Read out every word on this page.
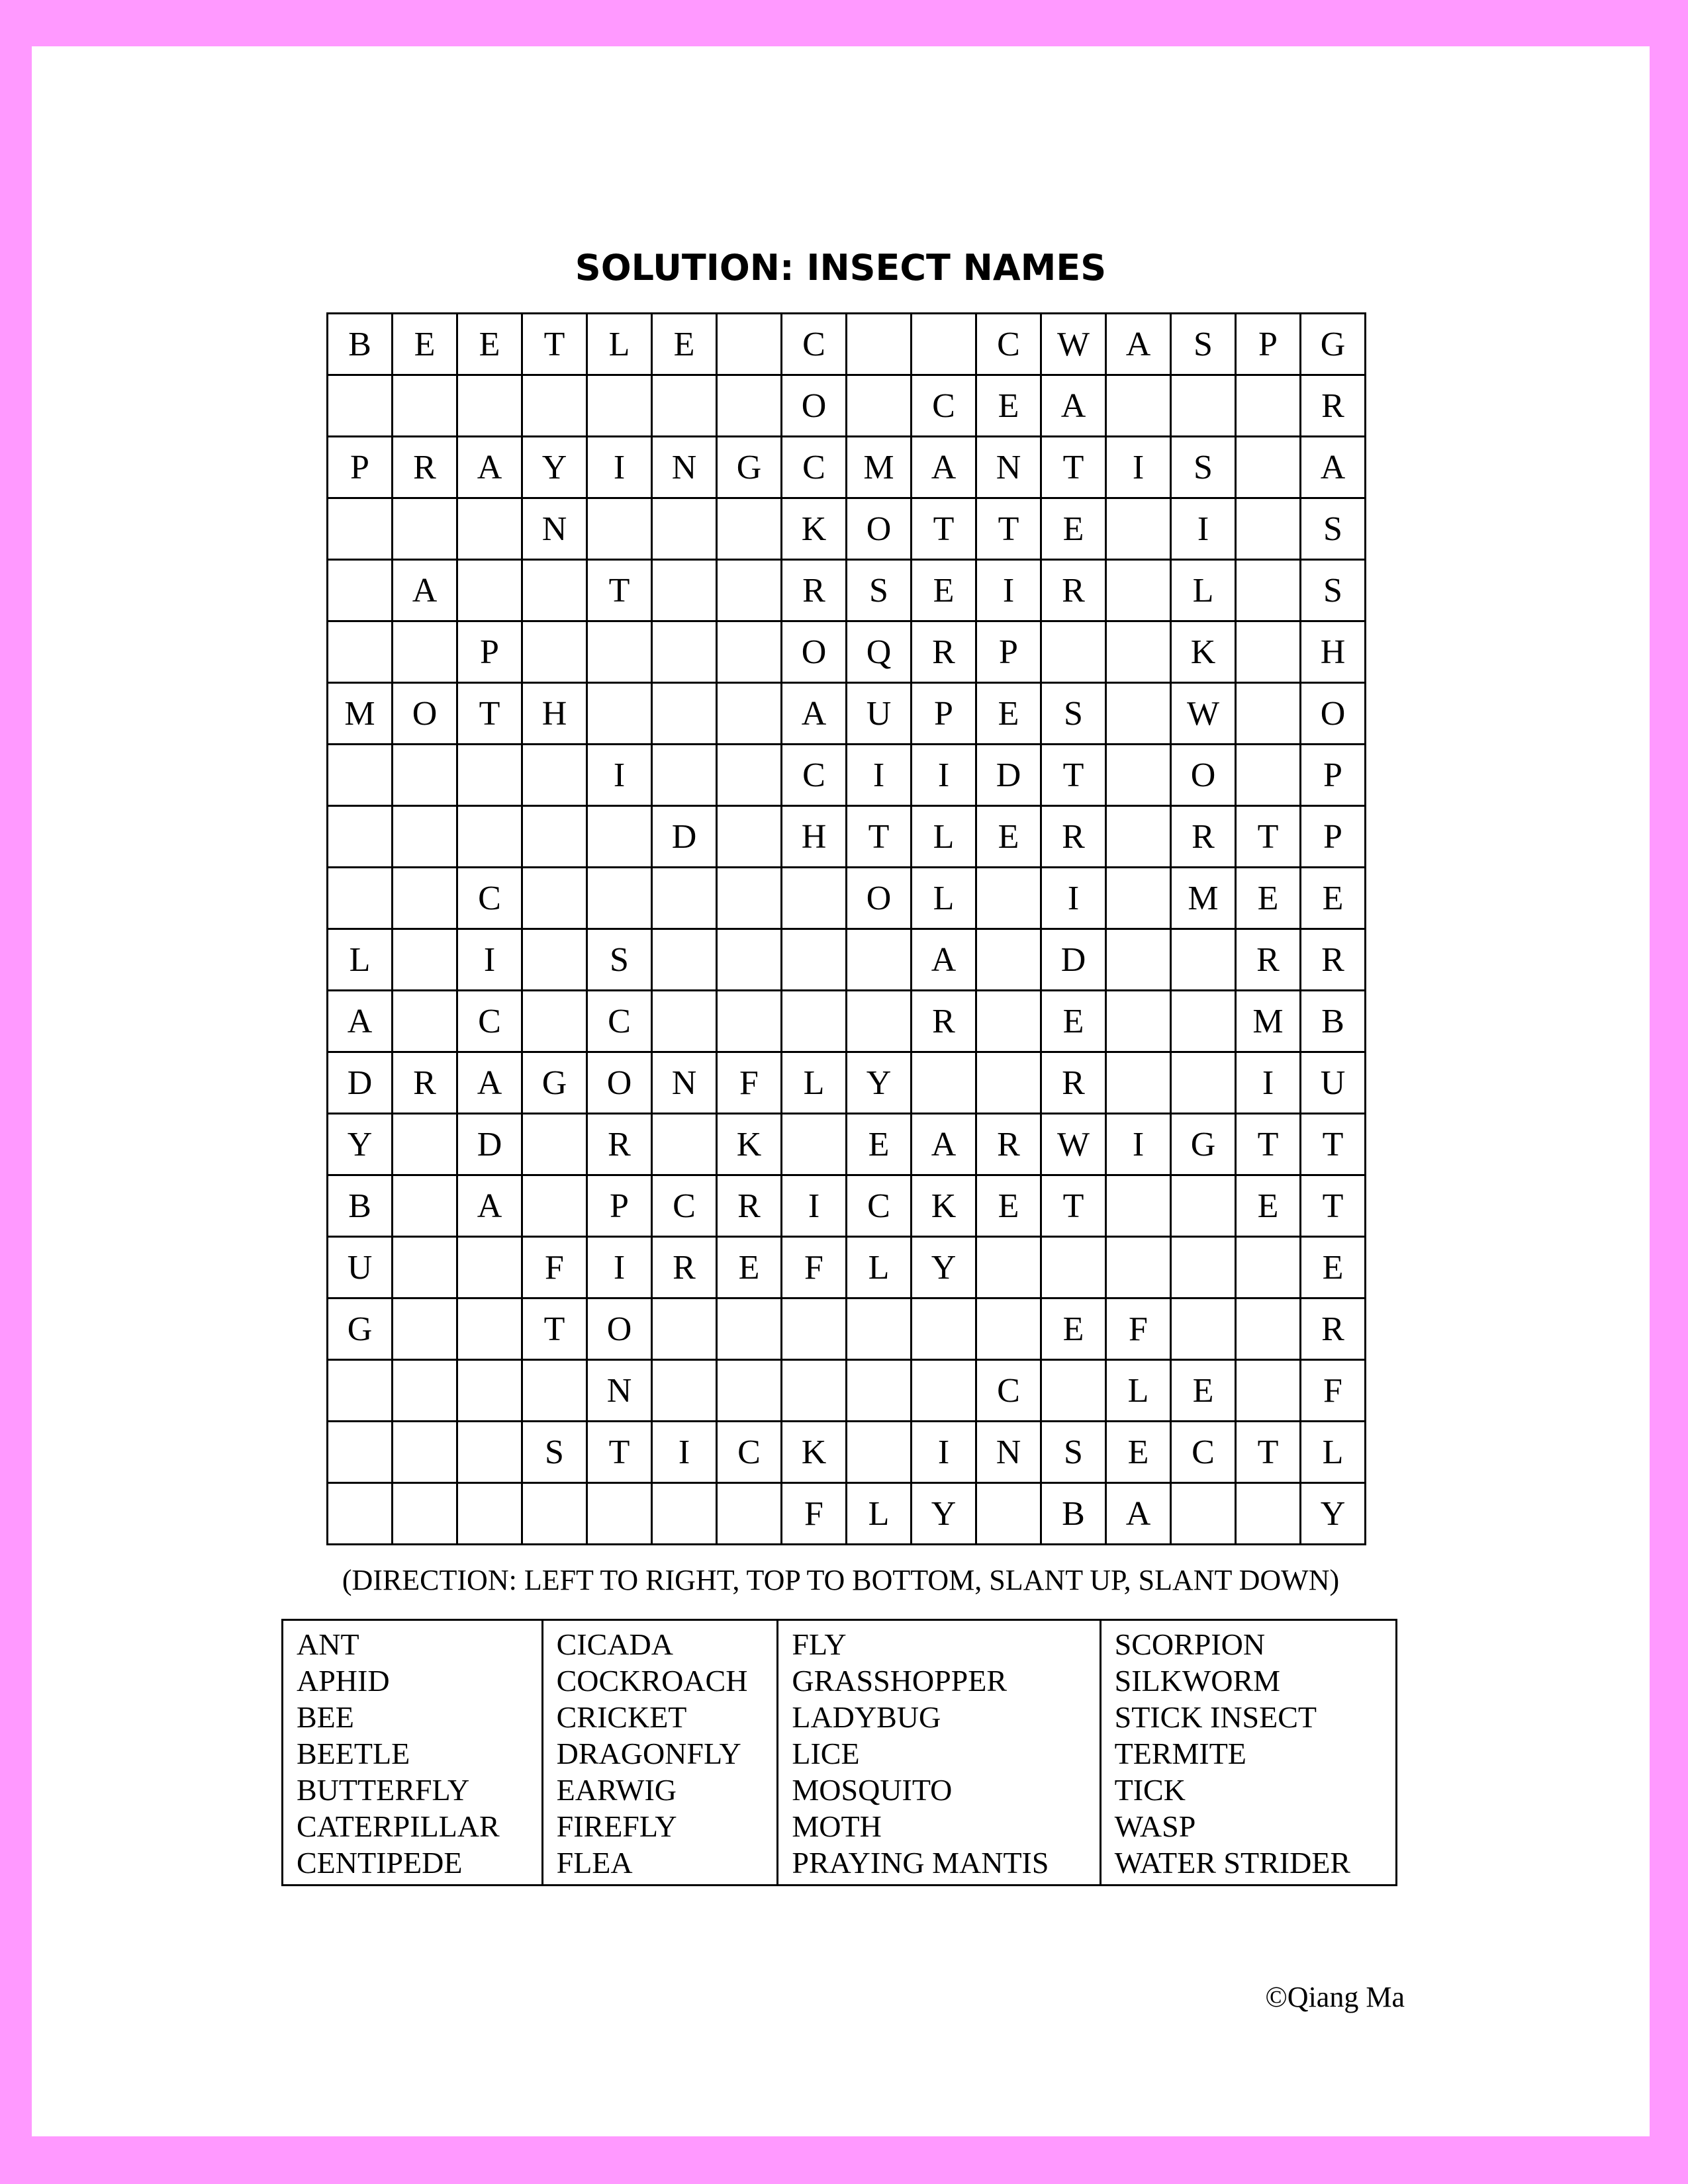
SOLUTION: INSECT NAMES
B	E	E	T	L	E		C			C	W	A	S	P	G
							O		C	E	A				R
P	R	A	Y	I	N	G	C	M	A	N	T	I	S		A
			N				K	O	T	T	E		I		S
	A			T			R	S	E	I	R		L		S
		P					O	Q	R	P			K		H
M	O	T	H				A	U	P	E	S		W		O
				I			C	I	I	D	T		O		P
					D		H	T	L	E	R		R	T	P
		C						O	L		I		M	E	E
L		I		S					A		D			R	R
A		C		C					R		E			M	B
D	R	A	G	O	N	F	L	Y			R			I	U
Y		D		R		K		E	A	R	W	I	G	T	T
B		A		P	C	R	I	C	K	E	T			E	T
U			F	I	R	E	F	L	Y						E
G			T	O							E	F			R
				N						C		L	E		F
			S	T	I	C	K		I	N	S	E	C	T	L
							F	L	Y		B	A			Y
(DIRECTION: LEFT TO RIGHT, TOP TO BOTTOM, SLANT UP, SLANT DOWN)
ANT
APHID
BEE
BEETLE
BUTTERFLY
CATERPILLAR
CENTIPEDE
CICADA
COCKROACH
CRICKET
DRAGONFLY
EARWIG
FIREFLY
FLEA
FLY
GRASSHOPPER
LADYBUG
LICE
MOSQUITO
MOTH
PRAYING MANTIS
SCORPION
SILKWORM
STICK INSECT
TERMITE
TICK
WASP
WATER STRIDER
©Qiang Ma
